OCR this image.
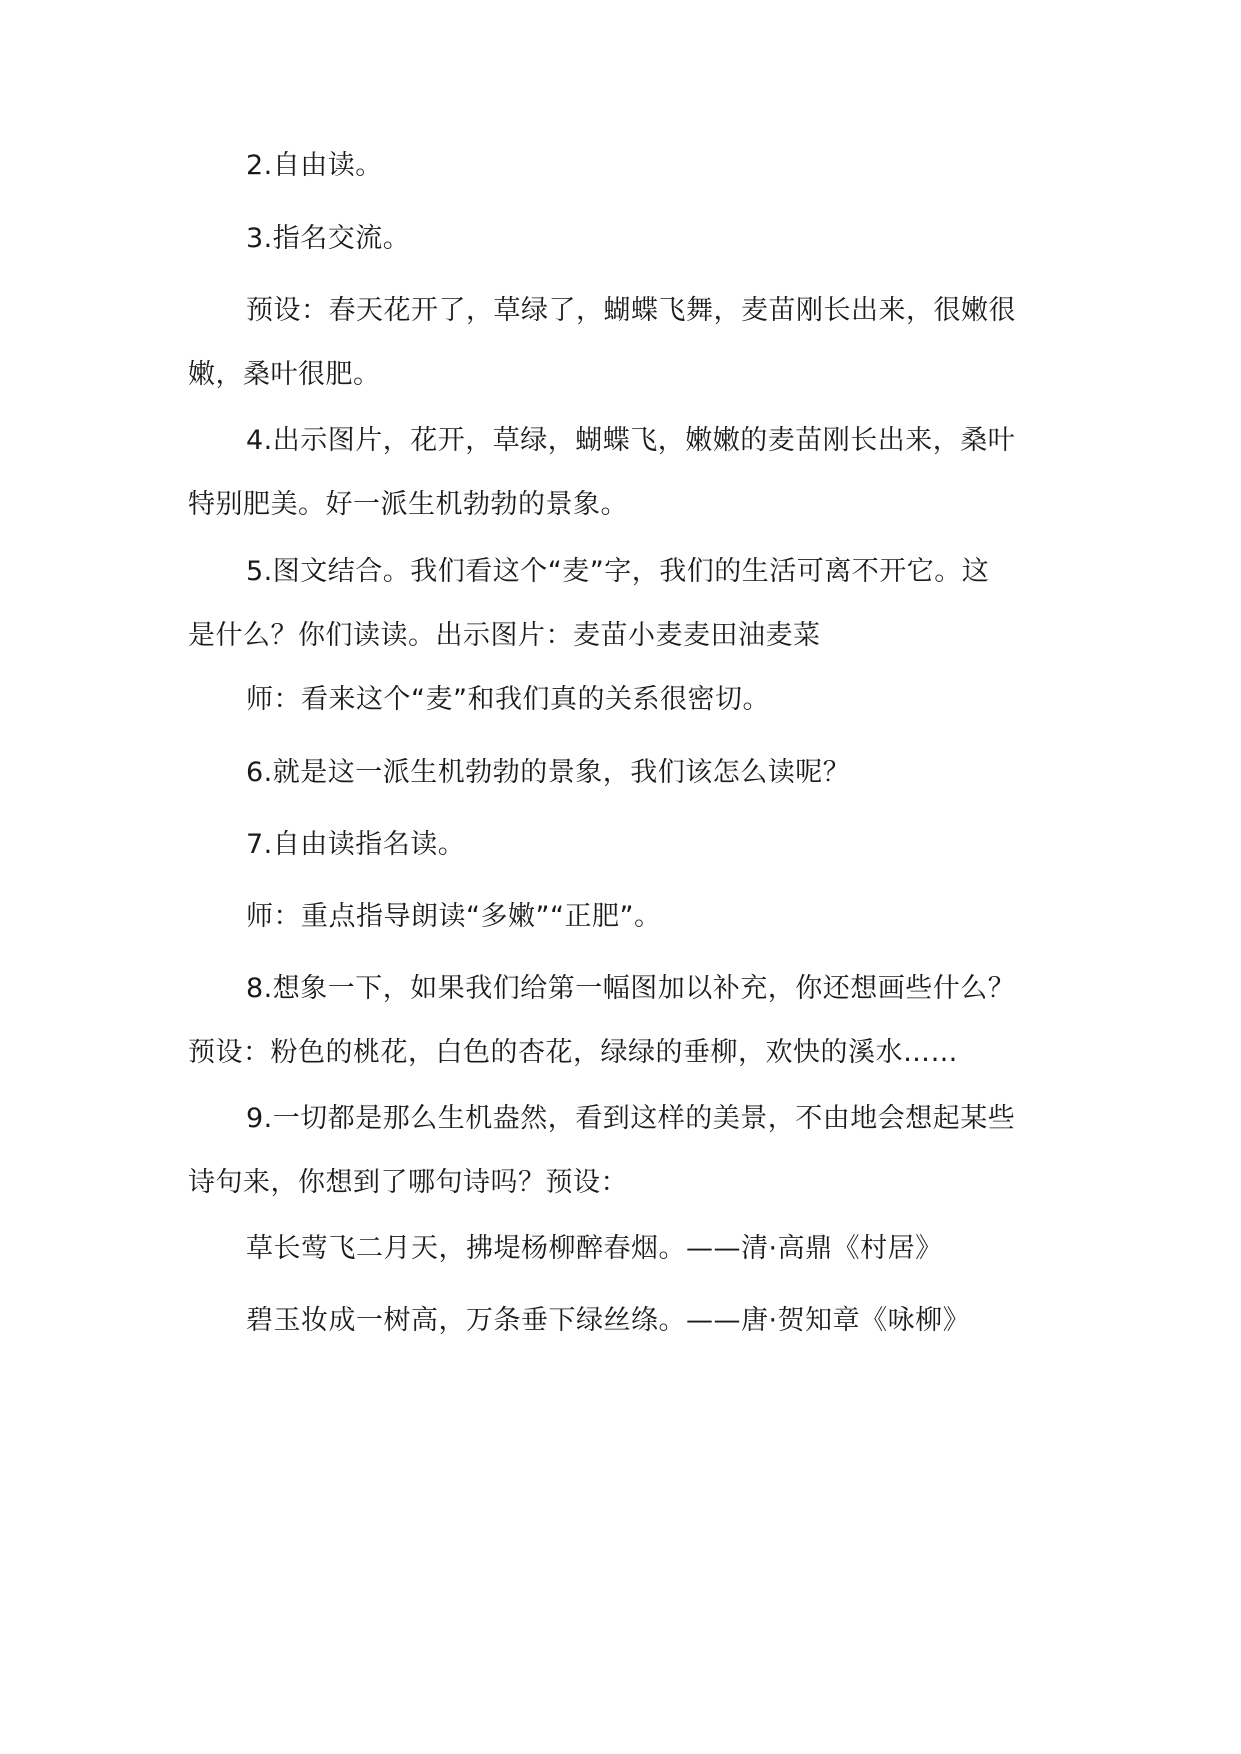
2.自由读。
3.指名交流。
预设：春天花开了，草绿了，蝴蝶飞舞，麦苗刚长出来，很嫩很
嫩，桑叶很肥。
4.出示图片，花开，草绿，蝴蝶飞，嫩嫩的麦苗刚长出来，桑叶
特别肥美。好一派生机勃勃的景象。
5.图文结合。我们看这个“麦”字，我们的生活可离不开它。这
是什么？你们读读。出示图片：麦苗小麦麦田油麦菜
师：看来这个“麦”和我们真的关系很密切。
6.就是这一派生机勃勃的景象，我们该怎么读呢？
7.自由读指名读。
师：重点指导朗读“多嫩”“正肥”。
8.想象一下，如果我们给第一幅图加以补充，你还想画些什么？
预设：粉色的桃花，白色的杏花，绿绿的垂柳，欢快的溪水……
9.一切都是那么生机盎然，看到这样的美景，不由地会想起某些
诗句来，你想到了哪句诗吗？预设：
草长莺飞二月天，拂堤杨柳醉春烟。——清·高鼎《村居》
碧玉妆成一树高，万条垂下绿丝绦。——唐·贺知章《咏柳》
